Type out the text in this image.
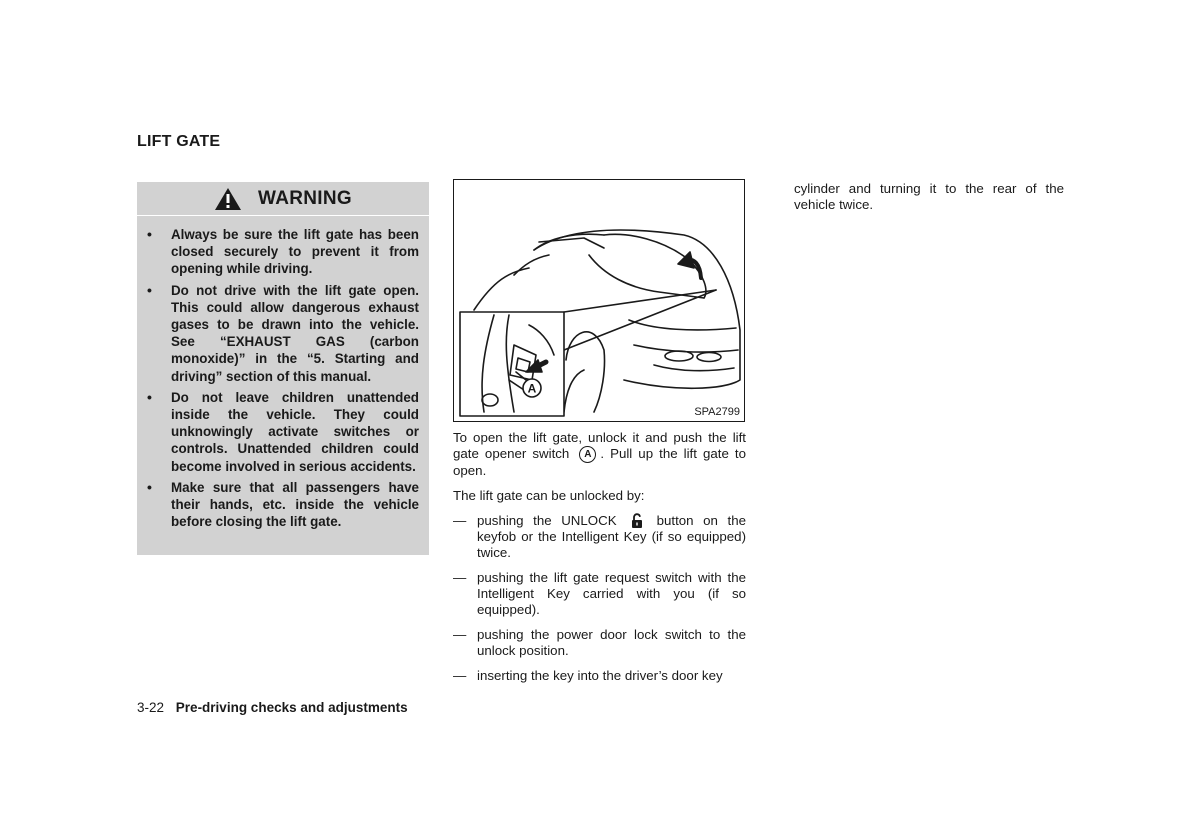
LIFT GATE
WARNING
• Always be sure the lift gate has been closed securely to prevent it from opening while driving.
• Do not drive with the lift gate open. This could allow dangerous exhaust gases to be drawn into the vehicle. See “EXHAUST GAS (carbon monoxide)” in the “5. Starting and driving” section of this manual.
• Do not leave children unattended inside the vehicle. They could unknowingly activate switches or controls. Unattended children could become involved in serious accidents.
• Make sure that all passengers have their hands, etc. inside the vehicle before closing the lift gate.
A
SPA2799

To open the lift gate, unlock it and push the lift gate opener switch A . Pull up the lift gate to open.

The lift gate can be unlocked by:

— pushing the UNLOCK	button on the keyfob or the Intelligent Key (if so equipped) twice.
— pushing the lift gate request switch with the Intelligent Key carried with you (if so equipped).
— pushing the power door lock switch to the unlock position.
— inserting the key into the driver’s door key
cylinder and turning it to the rear of the vehicle twice.
3-22 Pre-driving checks and adjustments
